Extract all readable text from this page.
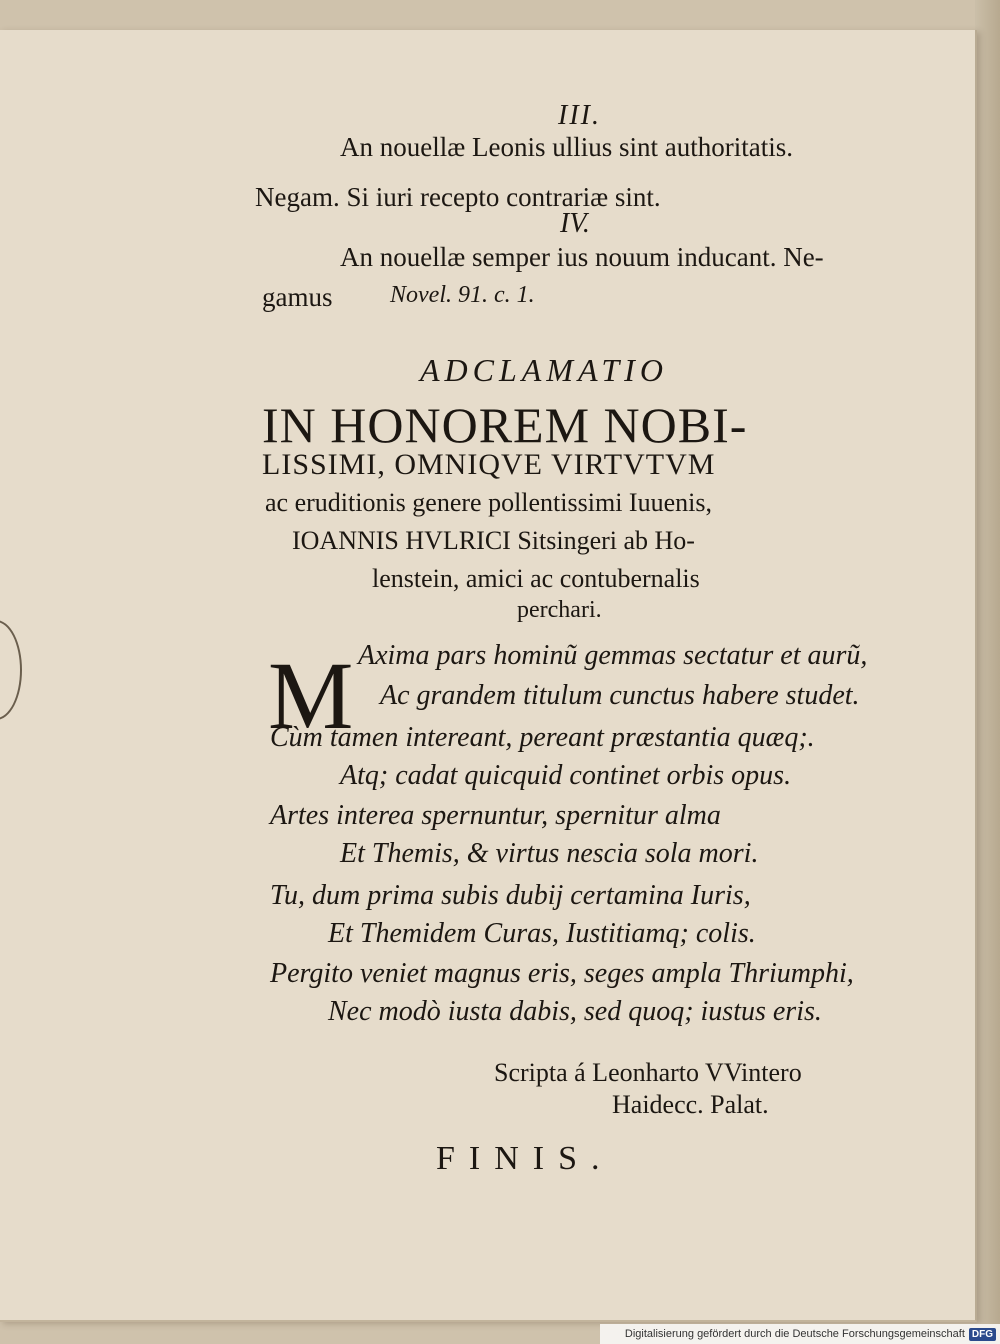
III.
An nouellæ Leonis ullius sint authoritatis.
Negam. Si iuri recepto contrariæ sint.
IV.
An nouellæ semper ius nouum inducant. Ne-
gamus Novel. 91. c. 1.
ADCLAMATIO
IN HONOREM NOBI-
LISSIMI, OMNIQVE VIRTVTVM
ac eruditionis genere pollentissimi Iuuenis,
IOANNIS HVLRICI Sitsingeri ab Ho-
lenstein, amici ac contubernalis
perchari.
M Axima pars hominũ gemmas sectatur et aurũ,
Ac grandem titulum cunctus habere studet.
Cùm tamen intereant, pereant præstantia quæq;.
Atq; cadat quicquid continet orbis opus.
Artes interea spernuntur, spernitur alma
Et Themis, & virtus nescia sola mori.
Tu, dum prima subis dubij certamina Iuris,
Et Themidem Curas, Iustitiamq; colis.
Pergito veniet magnus eris, seges ampla Thriumphi,
Nec modò iusta dabis, sed quoq; iustus eris.
Scripta á Leonharto VVintero
Haidecc. Palat.
FINIS.
Digitalisierung gefördert durch die Deutsche Forschungsgemeinschaft DFG
